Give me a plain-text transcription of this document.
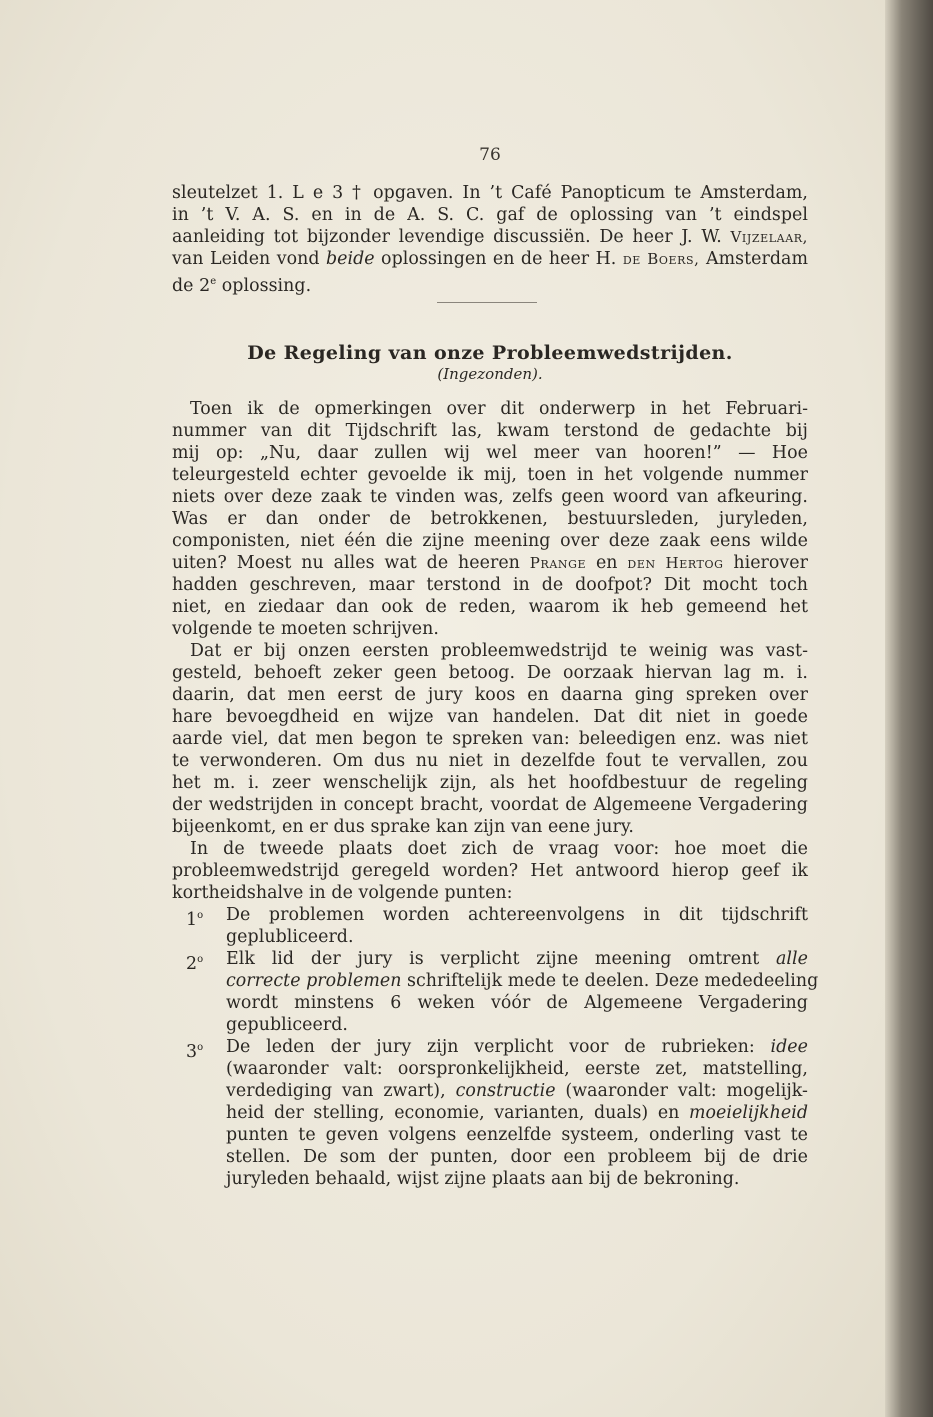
76
sleutelzet 1. L e 3 † opgaven. In ’t Café Panopticum te Amsterdam,
in ’t V. A. S. en in de A. S. C. gaf de oplossing van ’t eindspel
aanleiding tot bijzonder levendige discussiën. De heer J. W. Vijzelaar,
van Leiden vond beide oplossingen en de heer H. de Boers, Amsterdam
de 2e oplossing.
De Regeling van onze Probleemwedstrijden.
(Ingezonden).
Toen ik de opmerkingen over dit onderwerp in het Februari-
nummer van dit Tijdschrift las, kwam terstond de gedachte bij
mij op: „Nu, daar zullen wij wel meer van hooren!” — Hoe
teleurgesteld echter gevoelde ik mij, toen in het volgende nummer
niets over deze zaak te vinden was, zelfs geen woord van afkeuring.
Was er dan onder de betrokkenen, bestuursleden, juryleden,
componisten, niet één die zijne meening over deze zaak eens wilde
uiten? Moest nu alles wat de heeren Prange en den Hertog hierover
hadden geschreven, maar terstond in de doofpot? Dit mocht toch
niet, en ziedaar dan ook de reden, waarom ik heb gemeend het
volgende te moeten schrijven.
Dat er bij onzen eersten probleemwedstrijd te weinig was vast-
gesteld, behoeft zeker geen betoog. De oorzaak hiervan lag m. i.
daarin, dat men eerst de jury koos en daarna ging spreken over
hare bevoegdheid en wijze van handelen. Dat dit niet in goede
aarde viel, dat men begon te spreken van: beleedigen enz. was niet
te verwonderen. Om dus nu niet in dezelfde fout te vervallen, zou
het m. i. zeer wenschelijk zijn, als het hoofdbestuur de regeling
der wedstrijden in concept bracht, voordat de Algemeene Vergadering
bijeenkomt, en er dus sprake kan zijn van eene jury.
In de tweede plaats doet zich de vraag voor: hoe moet die
probleemwedstrijd geregeld worden? Het antwoord hierop geef ik
kortheidshalve in de volgende punten:
1$^o$	De problemen worden achtereenvolgens in dit tijdschrift
geplubliceerd.
2$^o$	Elk lid der jury is verplicht zijne meening omtrent alle
correcte problemen schriftelijk mede te deelen. Deze mededeeling
wordt minstens 6 weken vóór de Algemeene Vergadering
gepubliceerd.
3$^o$	De leden der jury zijn verplicht voor de rubrieken: idee
(waaronder valt: oorspronkelijkheid, eerste zet, matstelling,
verdediging van zwart), constructie (waaronder valt: mogelijk-
heid der stelling, economie, varianten, duals) en moeielijkheid
punten te geven volgens eenzelfde systeem, onderling vast te
stellen. De som der punten, door een probleem bij de drie
juryleden behaald, wijst zijne plaats aan bij de bekroning.
